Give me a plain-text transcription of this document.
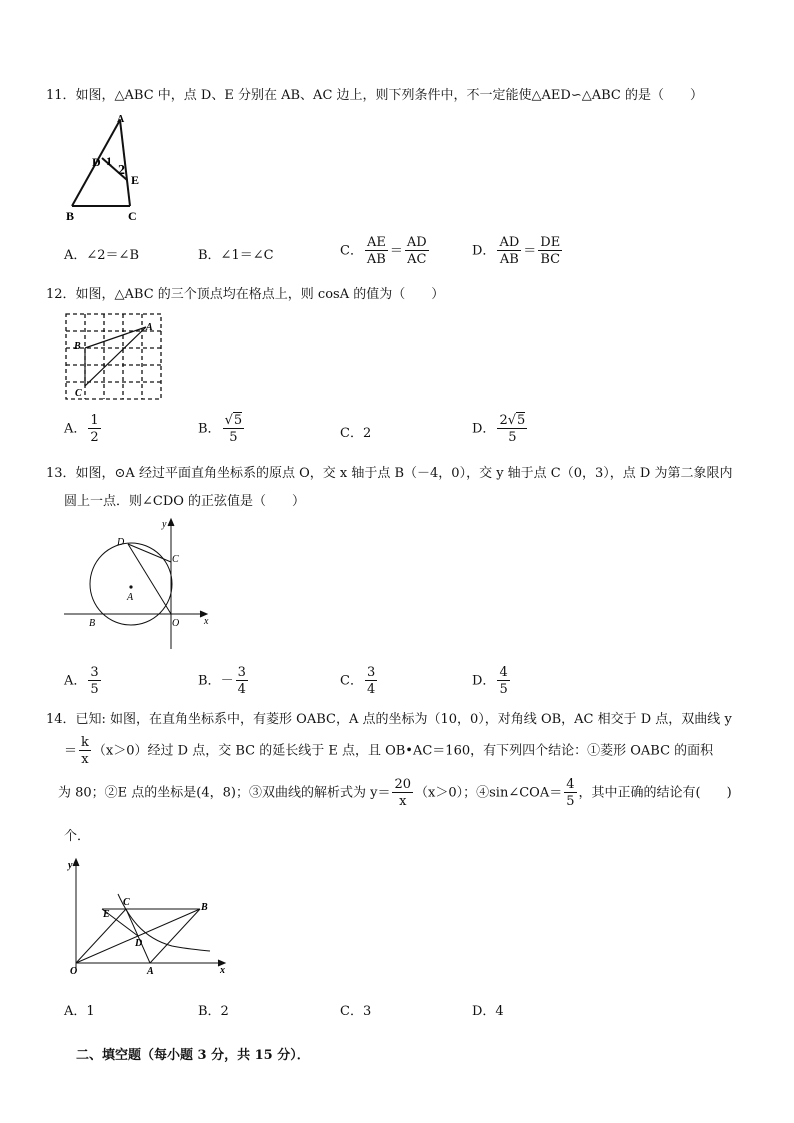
11．如图，△ABC 中，点 D、E 分别在 AB、AC 边上，则下列条件中，不一定能使△AED∽△ABC 的是（　　）
A
D 1
2
E
B	C
A．∠2＝∠B	B．∠1＝∠C	C． $\frac{AE}{AB} = \frac{AD}{AC}$	D． $\frac{AD}{AB} = \frac{DE}{BC}$
12．如图，△ABC 的三个顶点均在格点上，则 cosA 的值为（　　）
A
B
C
A． $\frac{1}{2}$	B． $\frac{√5}{5}$	C．2	D． $\frac{2√5}{5}$
13．如图，⊙A 经过平面直角坐标系的原点 O，交 x 轴于点 B（－4，0），交 y 轴于点 C（0，3），点 D 为第二象限内
圆上一点．则∠CDO 的正弦值是（　　）
y
x
D
C
A
B	O
A． $\frac{3}{5}$	B．－ $\frac{3}{4}$	C． $\frac{3}{4}$	D． $\frac{4}{5}$
14．已知: 如图，在直角坐标系中，有菱形 OABC，A 点的坐标为（10，0），对角线 OB，AC 相交于 D 点，双曲线 y
＝ $\frac{k}{x} (x>0)$经过 D 点，交 BC 的延长线于 E 点，且 OB•AC＝160，有下列四个结论：①菱形 OABC 的面积
为 80；②E 点的坐标是(4，8)；③双曲线的解析式为 $y= \frac{20}{x} (x>0)$；④sin∠COA＝ $\frac{4}{5}$ ，其中正确的结论有(　　)
个．
y
x
O	A
B
C
D
E
A．1	B．2	C．3	D．4
二、填空题（每小题 3 分，共 15 分）．
